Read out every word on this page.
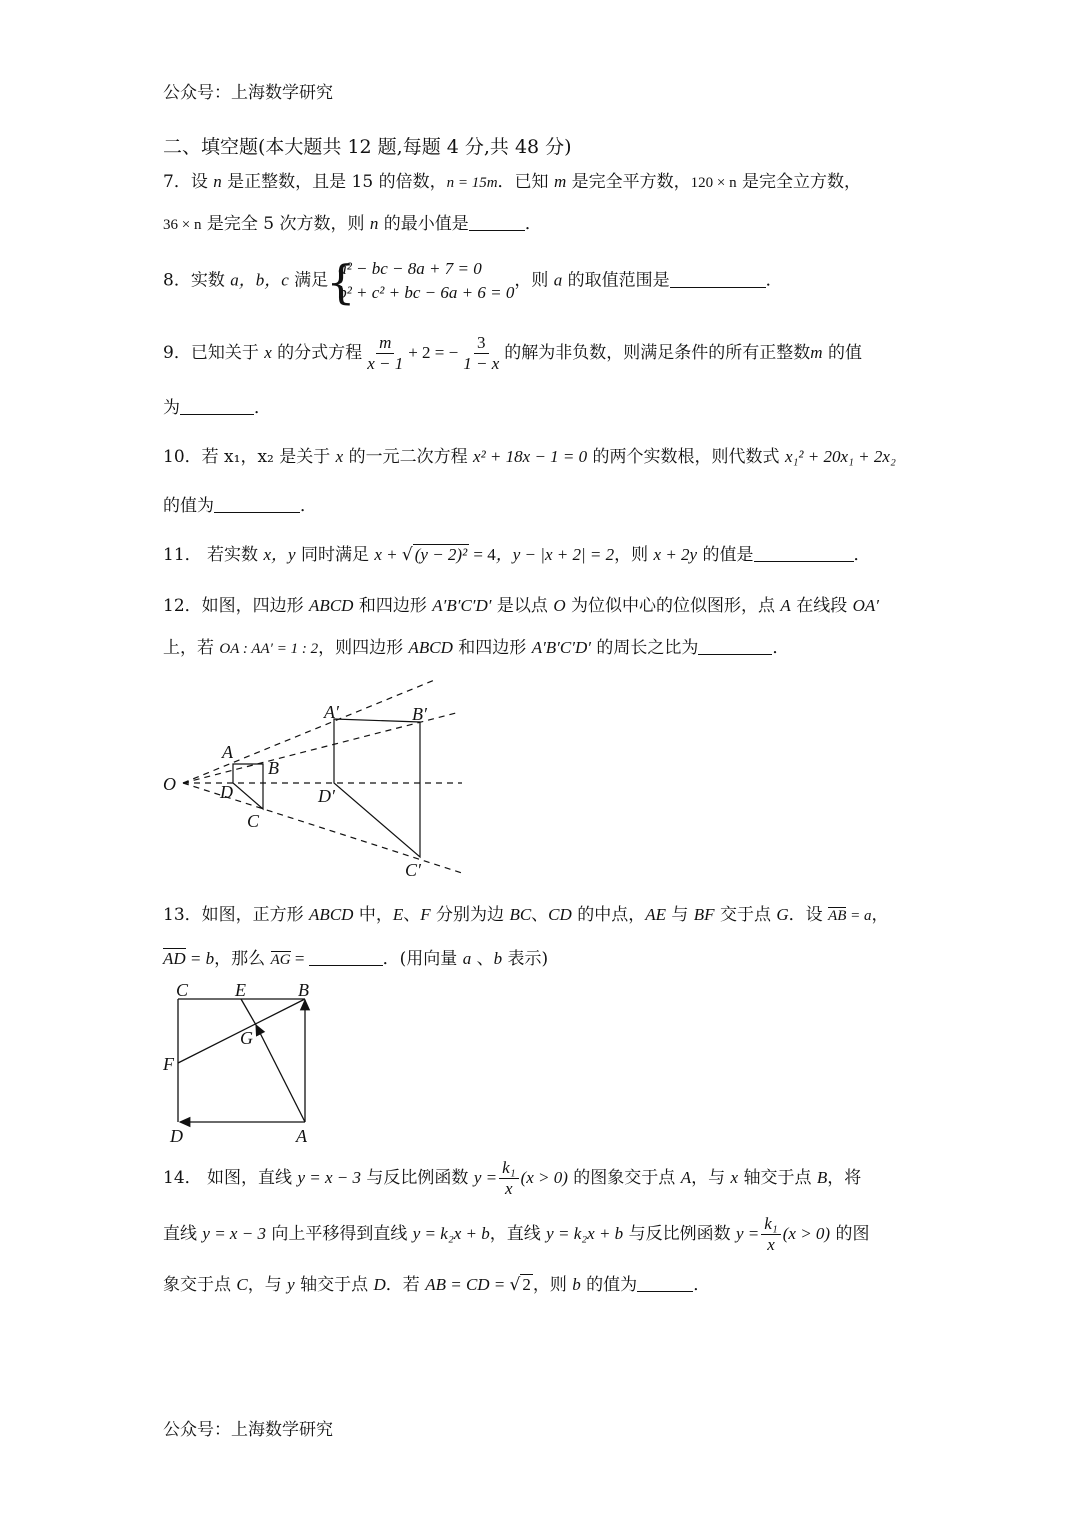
公众号：上海数学研究
二、填空题(本大题共 12 题,每题 4 分,共 48 分)
7．设 n 是正整数，且是 15 的倍数，n = 15m．已知 m 是完全平方数，120 × n 是完全立方数，
36 × n 是完全 5 次方数，则 n 的最小值是	．
8．实数 a，b，c 满足
{
a² − bc − 8a + 7 = 0
b² + c² + bc − 6a + 6 = 0
，则 a 的取值范围是	．
9．已知关于 x 的分式方程 $\frac{m}{x - 1} + 2$ = − $\frac{3}{1 - x}$ 的解为非负数，则满足条件的所有正整数m 的值
为	．
10．若 x₁，x₂ 是关于 x 的一元二次方程 x² + 18x − 1 = 0 的两个实数根，则代数式 x₁² + 20x₁ + 2x₂
的值为	．
11． 若实数 x，y 同时满足 x + √ (y − 2)² = 4，y − |x + 2| = 2，则 x + 2y 的值是	．
12．如图，四边形 ABCD 和四边形 A′B′C′D′ 是以点 O 为位似中心的位似图形，点 A 在线段 OA′
上，若 OA : AA′ = 1 : 2，则四边形 ABCD 和四边形 A′B′C′D′ 的周长之比为	．
O
A
B
C
D
A′	B′
C′
D′
13．如图，正方形 ABCD 中，E、F 分别为边 BC、CD 的中点，AE 与 BF 交于点 G．设 AB = a，
AD = b，那么 AG =	．(用向量 a 、b 表示)
C	E	B
G
F
D	A
14． 如图，直线 y = x − 3 与反比例函数 $y = \frac{\text{k₁}}{x} (x > 0)$ 的图象交于点 A，与 x 轴交于点 B，将
直线 y = x − 3 向上平移得到直线 y = k₂x + b，直线 y = k₂x + b 与反比例函数 $y = \frac{\text{k₁}}{x} (x > 0)$ 的图
象交于点 C，与 y 轴交于点 D．若 AB = CD = √ 2 ，则 b 的值为	．
公众号：上海数学研究
